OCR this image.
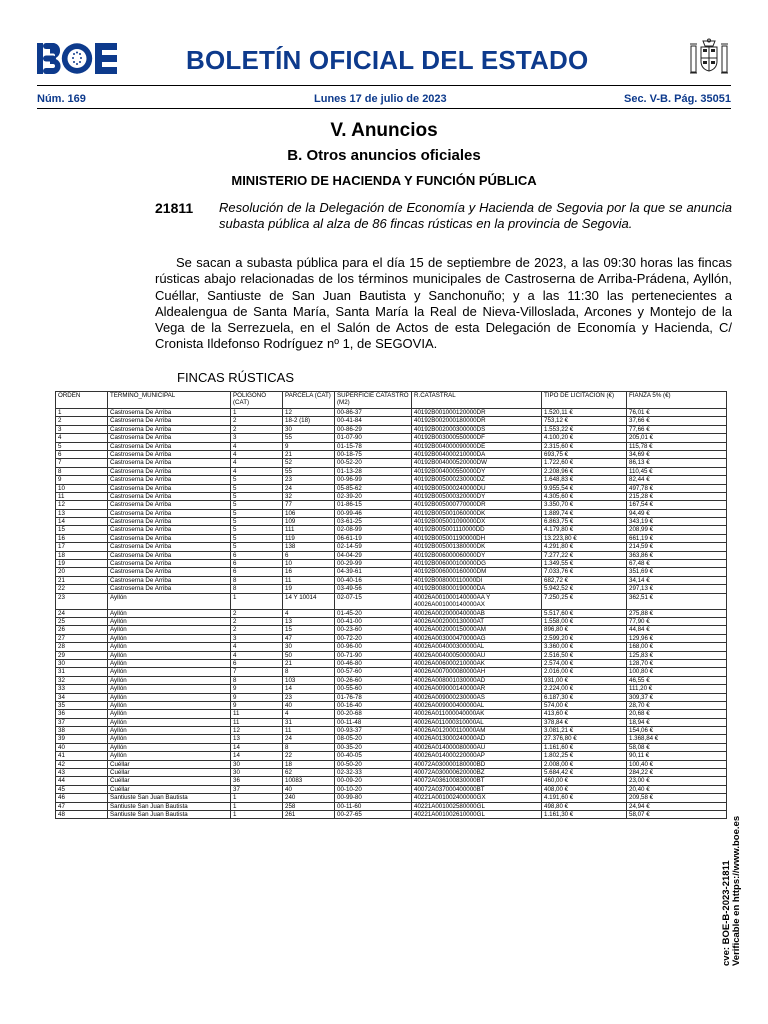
BOLETÍN OFICIAL DEL ESTADO
Núm. 169	Lunes 17 de julio de 2023	Sec. V-B. Pág. 35051
V. Anuncios
B. Otros anuncios oficiales
MINISTERIO DE HACIENDA Y FUNCIÓN PÚBLICA
21811 Resolución de la Delegación de Economía y Hacienda de Segovia por la que se anuncia subasta pública al alza de 86 fincas rústicas en la provincia de Segovia.
Se sacan a subasta pública para el día 15 de septiembre de 2023, a las 09:30 horas las fincas rústicas abajo relacionadas de los términos municipales de Castroserna de Arriba-Prádena, Ayllón, Cuéllar, Santiuste de San Juan Bautista y Sanchonuño; y a las 11:30 las pertenecientes a Aldealengua de Santa María, Santa María la Real de Nieva-Villoslada, Arcones y Montejo de la Vega de la Serrezuela, en el Salón de Actos de esta Delegación de Economía y Hacienda, C/ Cronista Ildefonso Rodríguez nº 1, de SEGOVIA.
FINCAS RÚSTICAS
ORDEN	TERMINO_MUNICIPAL	POLIGONO (CAT)	PARCELA (CAT)	SUPERFICIE CATASTRO (M2)	R.CATASTRAL	TIPO DE LICITACIÓN (€)	FIANZA 5% (€)
1	Castroserna De Arriba	1	12	00-86-37	40192B001000120000DR	1.520,11 €	76,01 €
2	Castroserna De Arriba	2	18-2 (18)	00-41-84	40192B002000180000DR	753,12 €	37,66 €
3	Castroserna De Arriba	2	30	00-86-29	40192B002000300000DS	1.553,22 €	77,66 €
4	Castroserna De Arriba	3	55	01-07-90	40192B003000550000DF	4.100,20 €	205,01 €
5	Castroserna De Arriba	4	9	01-15-78	40192B004000090000DE	2.315,60 €	115,78 €
6	Castroserna De Arriba	4	21	00-18-75	40192B004000210000DA	693,75 €	34,69 €
7	Castroserna De Arriba	4	52	00-52-20	40192B004000520000DW	1.722,60 €	86,13 €
8	Castroserna De Arriba	4	55	01-13-28	40192B004000550000DY	2.208,96 €	110,45 €
9	Castroserna De Arriba	5	23	00-96-99	40192B005000230000DZ	1.648,83 €	82,44 €
10	Castroserna De Arriba	5	24	05-85-62	40192B005000240000DU	9.955,54 €	497,78 €
11	Castroserna De Arriba	5	32	02-39-20	40192B005000320000DY	4.305,60 €	215,28 €
12	Castroserna De Arriba	5	77	01-86-15	40192B005000770000DR	3.350,70 €	167,54 €
13	Castroserna De Arriba	5	106	00-99-46	40192B005001060000DK	1.889,74 €	94,49 €
14	Castroserna De Arriba	5	109	03-61-25	40192B005001090000DX	6.863,75 €	343,19 €
15	Castroserna De Arriba	5	111	02-08-99	40192B005001110000DD	4.179,80 €	208,99 €
16	Castroserna De Arriba	5	119	06-61-19	40192B005001190000DH	13.223,80 €	661,19 €
17	Castroserna De Arriba	5	138	02-14-59	40192B005001380000DK	4.291,80 €	214,59 €
18	Castroserna De Arriba	6	6	04-04-29	40192B006000060000DY	7.277,22 €	363,86 €
19	Castroserna De Arriba	6	10	00-29-99	40192B006000100000DG	1.349,55 €	67,48 €
20	Castroserna De Arriba	6	16	04-39-61	40192B006000160000DM	7.033,76 €	351,69 €
21	Castroserna De Arriba	8	11	00-40-16	40192B008000110000DI	682,72 €	34,14 €
22	Castroserna De Arriba	8	19	03-49-56	40192B008000190000DA	5.942,52 €	297,13 €
23	Ayllón	1	14 Y 10014	02-07-15	40026A001000140000AA Y 40026A001000140000AX	7.250,25 €	362,51 €
24	Ayllón	2	4	01-45-20	40026A002000040000AB	5.517,60 €	275,88 €
25	Ayllón	2	13	00-41-00	40026A002000130000AT	1.558,00 €	77,90 €
26	Ayllón	2	15	00-23-60	40026A002000150000AM	896,80 €	44,84 €
27	Ayllón	3	47	00-72-20	40026A003000470000AG	2.599,20 €	129,96 €
28	Ayllón	4	30	00-96-00	40026A004000300000AL	3.360,00 €	168,00 €
29	Ayllón	4	50	00-71-90	40026A004000500000AU	2.516,50 €	125,83 €
30	Ayllón	6	21	00-46-80	40026A006000210000AK	2.574,00 €	128,70 €
31	Ayllón	7	8	00-57-60	40026A007000080000AH	2.016,00 €	100,80 €
32	Ayllón	8	103	00-26-60	40026A008001030000AD	931,00 €	46,55 €
33	Ayllón	9	14	00-55-60	40026A009000140000AR	2.224,00 €	111,20 €
34	Ayllón	9	23	01-76-78	40026A009000230000AS	6.187,30 €	309,37 €
35	Ayllón	9	40	00-16-40	40026A009000400000AL	574,00 €	28,70 €
36	Ayllón	11	4	00-20-68	40026A011000040000AK	413,60 €	20,68 €
37	Ayllón	11	31	00-11-48	40026A011000310000AL	378,84 €	18,94 €
38	Ayllón	12	11	00-93-37	40026A012000110000AM	3.081,21 €	154,06 €
39	Ayllón	13	24	08-05-20	40026A013000240000AD	27.376,80 €	1.368,84 €
40	Ayllón	14	8	00-35-20	40026A014000080000AU	1.161,60 €	58,08 €
41	Ayllón	14	22	00-40-05	40026A014000220000AP	1.802,25 €	90,11 €
42	Cuéllar	30	18	00-50-20	40072A030000180000BD	2.008,00 €	100,40 €
43	Cuéllar	30	62	02-32-33	40072A030000620000BZ	5.684,42 €	284,22 €
44	Cuéllar	36	10083	00-09-20	40072A036100830000BT	460,00 €	23,00 €
45	Cuéllar	37	40	00-10-20	40072A037000400000BT	408,00 €	20,40 €
46	Santiuste San Juan Bautista	1	240	00-99-80	40221A001002400000GX	4.191,60 €	209,58 €
47	Santiuste San Juan Bautista	1	258	00-11-60	40221A001002580000GL	498,80 €	24,94 €
48	Santiuste San Juan Bautista	1	261	00-27-65	40221A001002610000GL	1.161,30 €	58,07 €
cve: BOE-B-2023-21811 Verificable en https://www.boe.es
